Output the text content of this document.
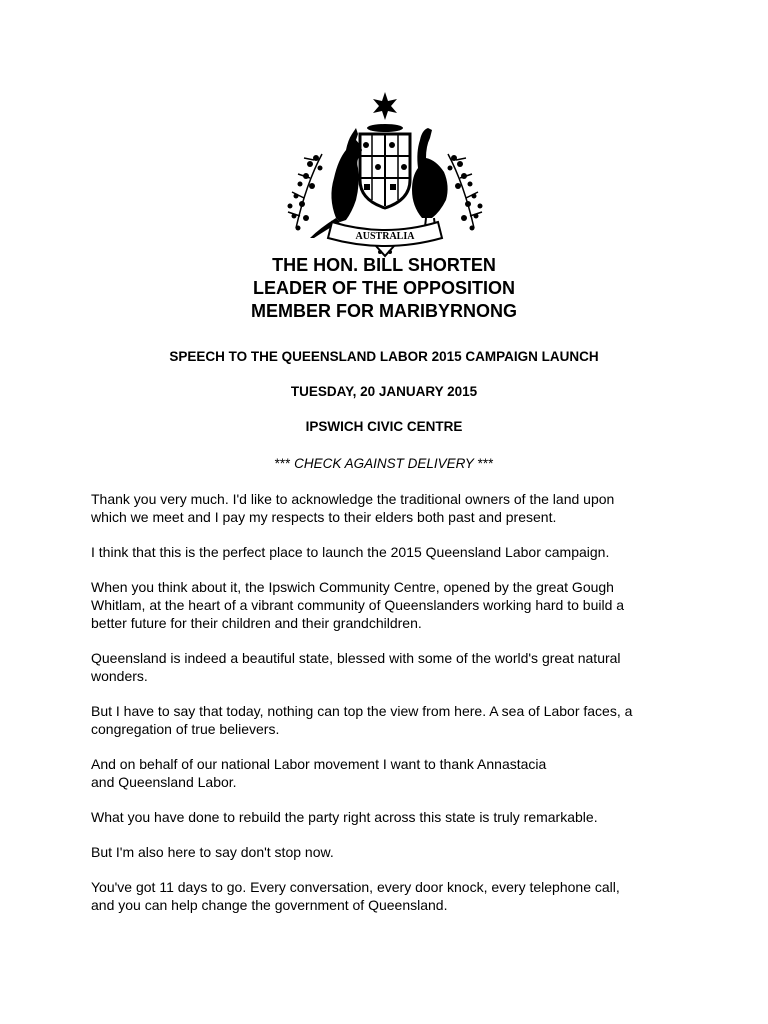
AUSTRALIA
THE HON. BILL SHORTEN
LEADER OF THE OPPOSITION
MEMBER FOR MARIBYRNONG
SPEECH TO THE QUEENSLAND LABOR 2015 CAMPAIGN LAUNCH
TUESDAY, 20 JANUARY 2015
IPSWICH CIVIC CENTRE
*** CHECK AGAINST DELIVERY ***

Thank you very much. I'd like to acknowledge the traditional owners of the land upon
which we meet and I pay my respects to their elders both past and present.

I think that this is the perfect place to launch the 2015 Queensland Labor campaign.

When you think about it, the Ipswich Community Centre, opened by the great Gough
Whitlam, at the heart of a vibrant community of Queenslanders working hard to build a
better future for their children and their grandchildren.

Queensland is indeed a beautiful state, blessed with some of the world's great natural
wonders.

But I have to say that today, nothing can top the view from here. A sea of Labor faces, a
congregation of true believers.

And on behalf of our national Labor movement I want to thank Annastacia
and Queensland Labor.

What you have done to rebuild the party right across this state is truly remarkable.

But I'm also here to say don't stop now.

You've got 11 days to go. Every conversation, every door knock, every telephone call,
and you can help change the government of Queensland.
